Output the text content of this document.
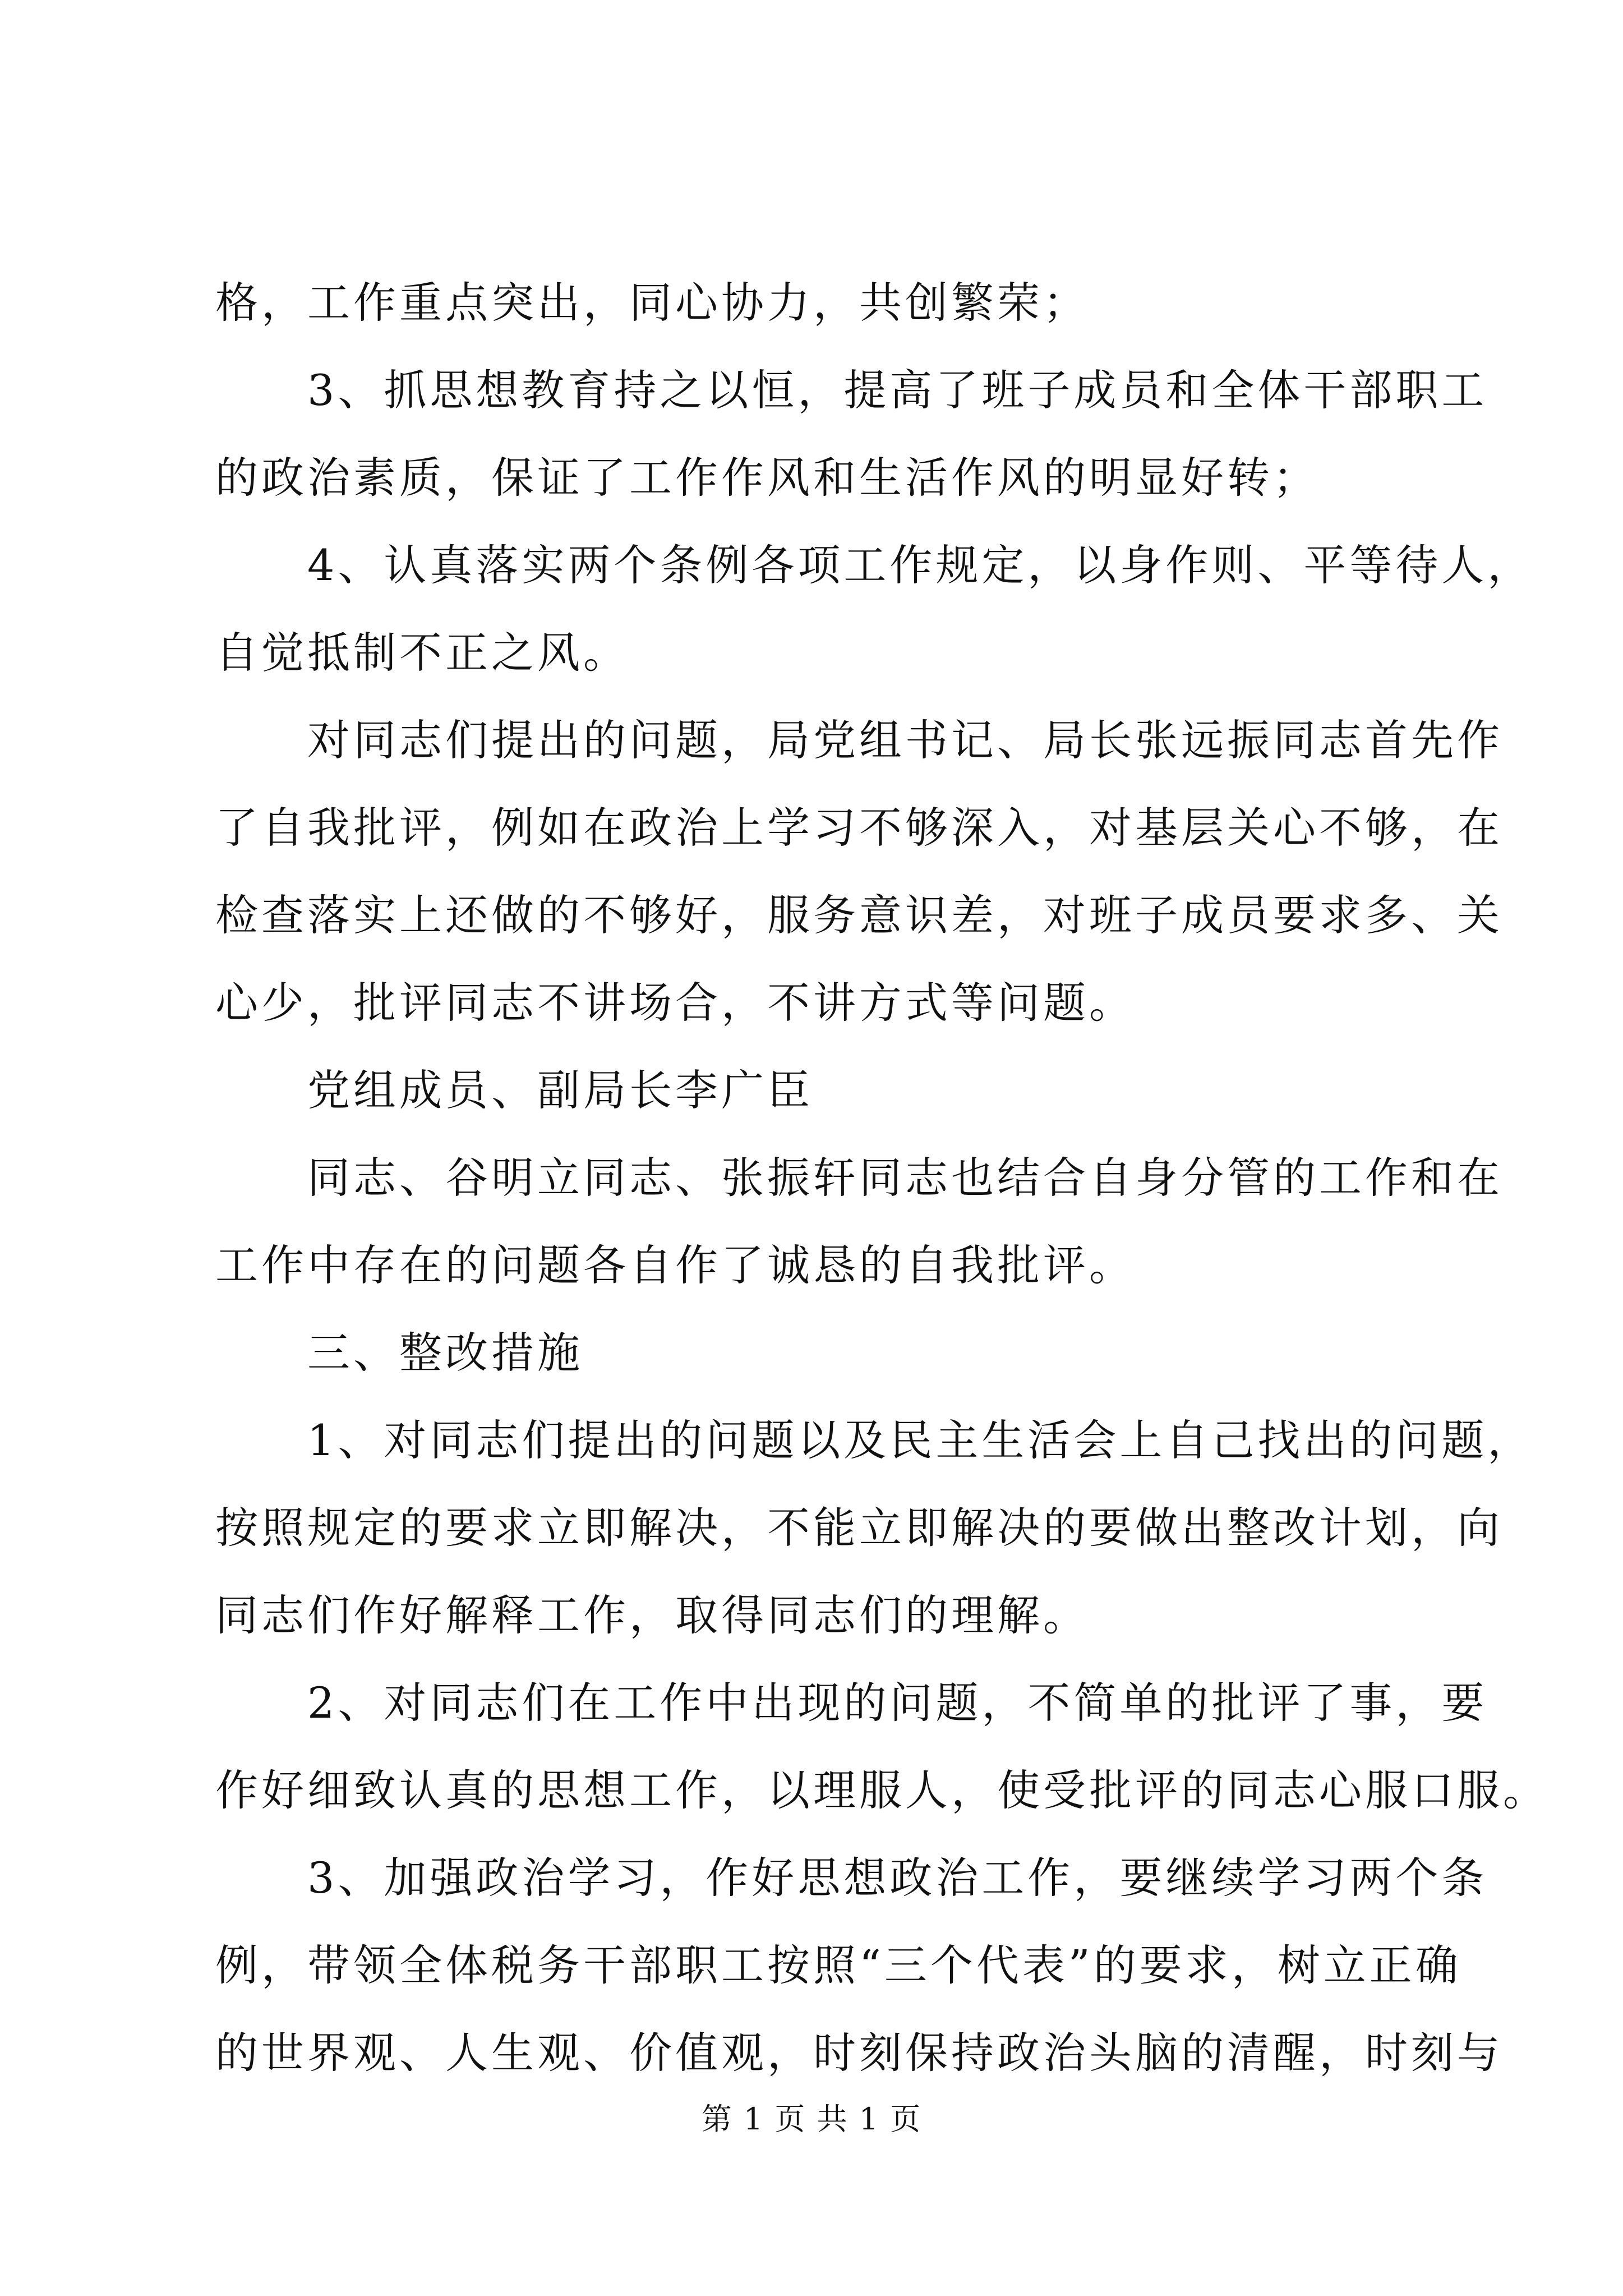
格，工作重点突出，同心协力，共创繁荣；
　　3、抓思想教育持之以恒，提高了班子成员和全体干部职工
的政治素质，保证了工作作风和生活作风的明显好转；
　　4、认真落实两个条例各项工作规定，以身作则、平等待人，
自觉抵制不正之风。
　　对同志们提出的问题，局党组书记、局长张远振同志首先作
了自我批评，例如在政治上学习不够深入，对基层关心不够，在
检查落实上还做的不够好，服务意识差，对班子成员要求多、关
心少，批评同志不讲场合，不讲方式等问题。
　　党组成员、副局长李广臣
　　同志、谷明立同志、张振轩同志也结合自身分管的工作和在
工作中存在的问题各自作了诚恳的自我批评。
　　三、整改措施
　　1、对同志们提出的问题以及民主生活会上自己找出的问题，
按照规定的要求立即解决，不能立即解决的要做出整改计划，向
同志们作好解释工作，取得同志们的理解。
　　2、对同志们在工作中出现的问题，不简单的批评了事，要
作好细致认真的思想工作，以理服人，使受批评的同志心服口服。
　　3、加强政治学习，作好思想政治工作，要继续学习两个条
例，带领全体税务干部职工按照“三个代表”的要求，树立正确
的世界观、人生观、价值观，时刻保持政治头脑的清醒，时刻与
第 1 页 共 1 页
